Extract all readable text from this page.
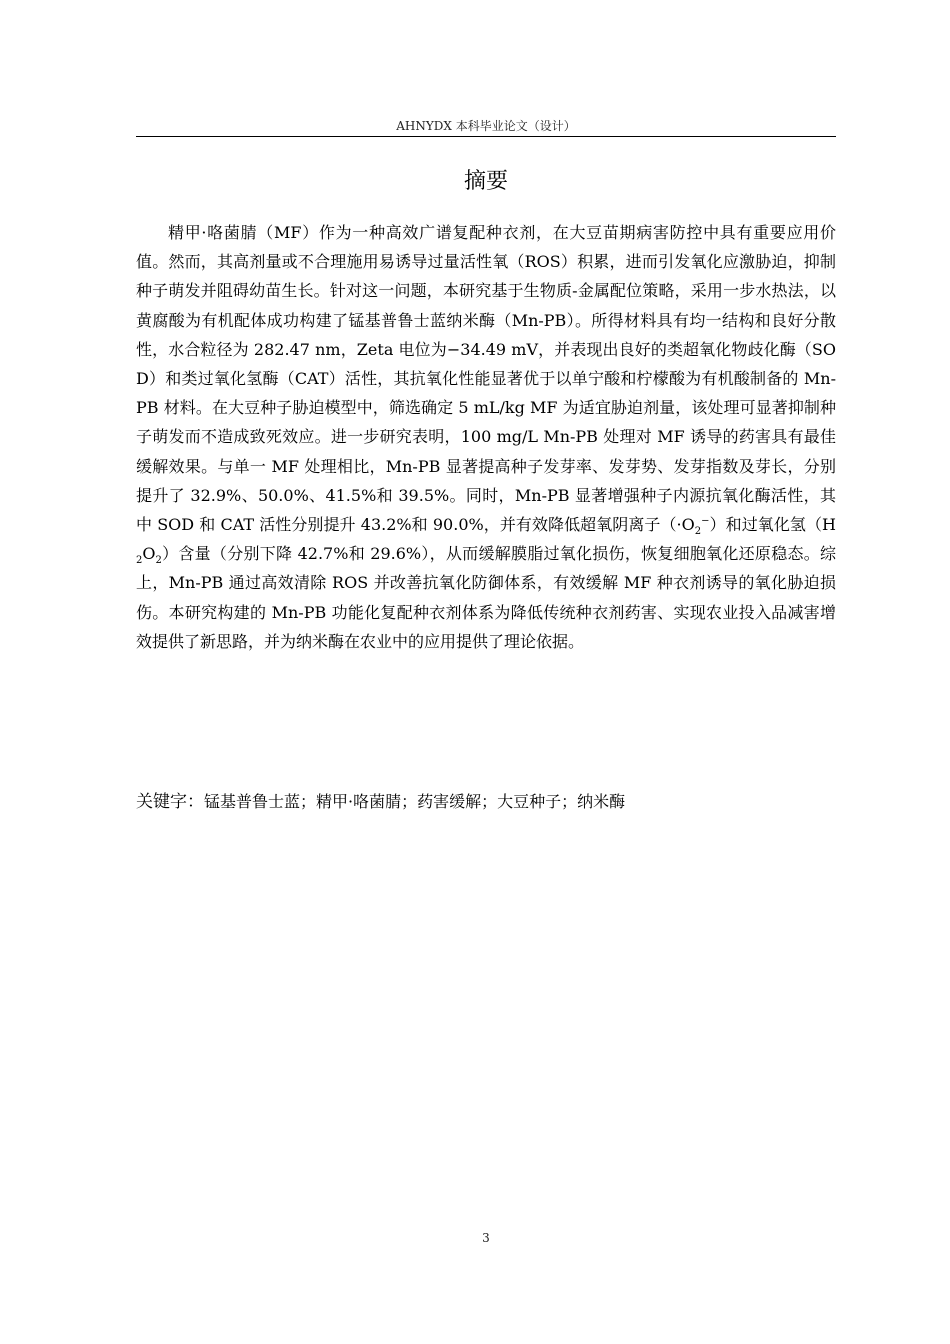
AHNYDX 本科毕业论文（设计）
摘要

精甲·咯菌腈（MF）作为一种高效广谱复配种衣剂，在大豆苗期病害防控中具有重要应用价值。然而，其高剂量或不合理施用易诱导过量活性氧（ROS）积累，进而引发氧化应激胁迫，抑制种子萌发并阻碍幼苗生长。针对这一问题，本研究基于生物质-金属配位策略，采用一步水热法，以黄腐酸为有机配体成功构建了锰基普鲁士蓝纳米酶（Mn-PB）。所得材料具有均一结构和良好分散性，水合粒径为 282.47 nm，Zeta 电位为−34.49 mV，并表现出良好的类超氧化物歧化酶（SOD）和类过氧化氢酶（CAT）活性，其抗氧化性能显著优于以单宁酸和柠檬酸为有机酸制备的 Mn-PB 材料。在大豆种子胁迫模型中，筛选确定 5 mL/kg MF 为适宜胁迫剂量，该处理可显著抑制种子萌发而不造成致死效应。进一步研究表明，100 mg/L Mn-PB 处理对 MF 诱导的药害具有最佳缓解效果。与单一 MF 处理相比，Mn-PB 显著提高种子发芽率、发芽势、发芽指数及芽长，分别提升了 32.9%、50.0%、41.5%和 39.5%。同时，Mn-PB 显著增强种子内源抗氧化酶活性，其中 SOD 和 CAT 活性分别提升 43.2%和 90.0%，并有效降低超氧阴离子$(\cdot O_2^-)$和过氧化氢$(H_2O_2)$含量（分别下降 42.7%和 29.6%），从而缓解膜脂过氧化损伤，恢复细胞氧化还原稳态。综上，Mn-PB 通过高效清除 ROS 并改善抗氧化防御体系，有效缓解 MF 种衣剂诱导的氧化胁迫损伤。本研究构建的 Mn-PB 功能化复配种衣剂体系为降低传统种衣剂药害、实现农业投入品减害增效提供了新思路，并为纳米酶在农业中的应用提供了理论依据。

关键字：锰基普鲁士蓝；精甲·咯菌腈；药害缓解；大豆种子；纳米酶
3
